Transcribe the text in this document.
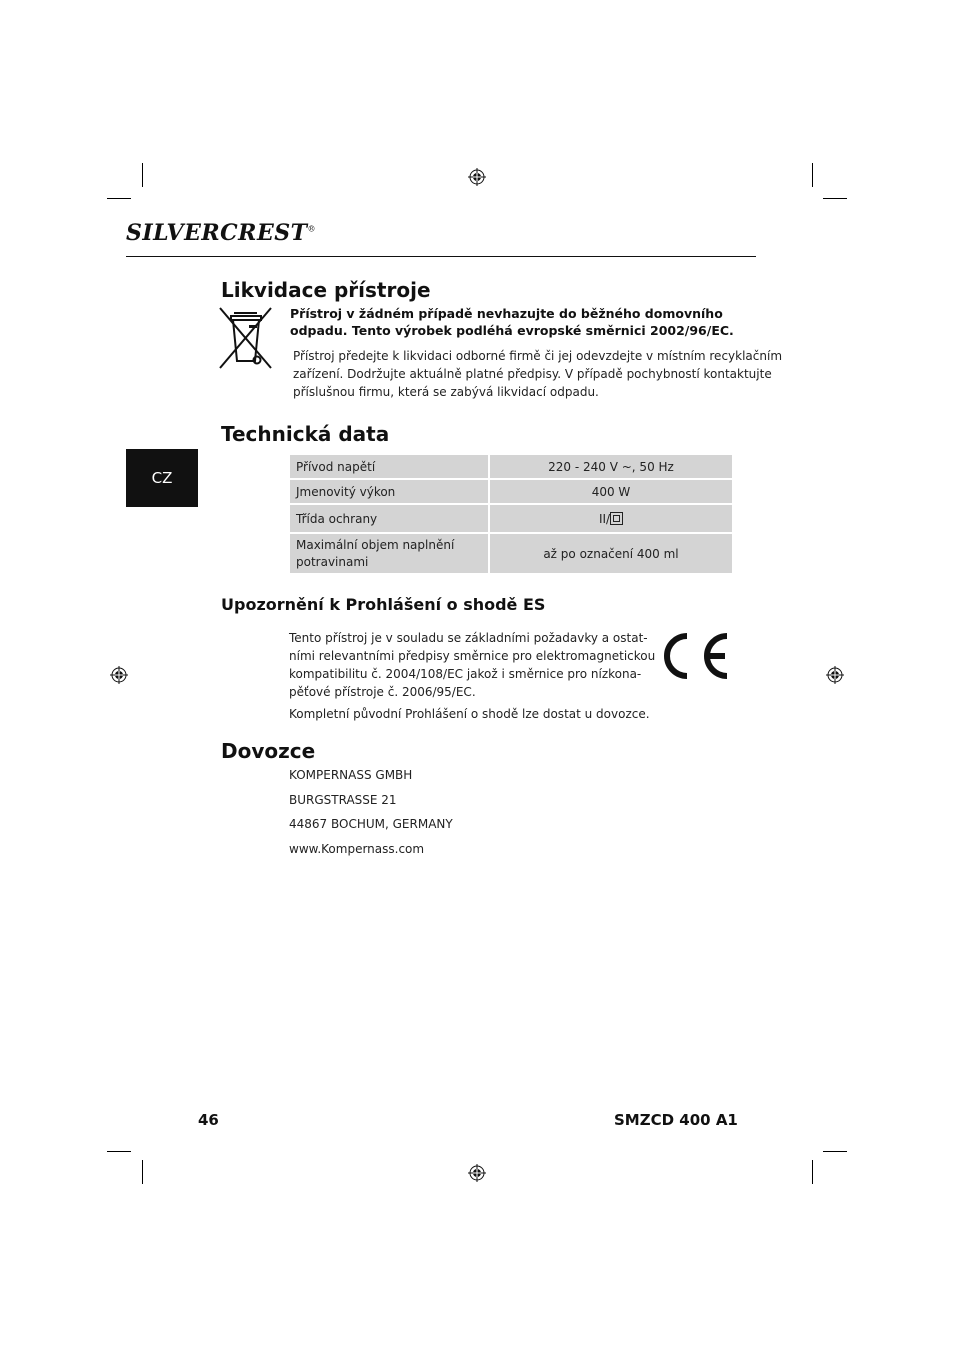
SILVERCREST®
CZ
Likvidace přístroje
Přístroj v žádném případě nevhazujte do běžného domovního
odpadu. Tento výrobek podléhá evropské směrnici 2002/96/EC.
Přístroj předejte k likvidaci odborné firmě či jej odevzdejte v místním recyklačním
zařízení. Dodržujte aktuálně platné předpisy. V případě pochybností kontaktujte
příslušnou firmu, která se zabývá likvidací odpadu.
Technická data
Přívod napětí	220 - 240 V ~, 50 Hz
Jmenovitý výkon	400 W
Třída ochrany	II/

Maximální objem naplnění
potravinami	až po označení 400 ml
Upozornění k Prohlášení o shodě ES
Tento přístroj je v souladu se základními požadavky a ostat-
ními relevantními předpisy směrnice pro elektromagnetickou
kompatibilitu č. 2004/108/EC jakož i směrnice pro nízkona-
pěťové přístroje č. 2006/95/EC.
Kompletní původní Prohlášení o shodě lze dostat u dovozce.
Dovozce
KOMPERNASS GMBH
BURGSTRASSE 21
44867 BOCHUM, GERMANY
www.Kompernass.com
46	SMZCD 400 A1
